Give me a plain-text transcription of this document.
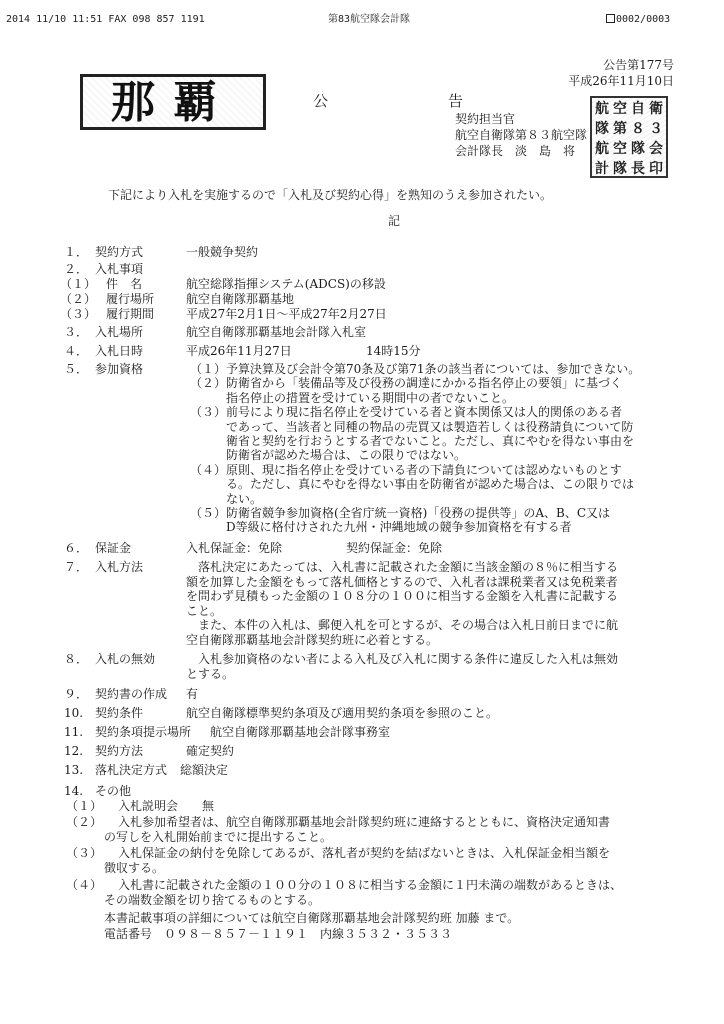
2014 11/10 11:51 FAX 098 857 1191	第83航空隊会計隊	0002/0003
那覇
公告第177号
平成26年11月10日
公　　告
契約担当官
航空自衛隊第８３航空隊
会計隊長　淡　島　将
航 空 自 衛
隊 第 ８ ３
航 空 隊 会
計 隊 長 印
下記により入札を実施するので「入札及び契約心得」を熟知のうえ参加されたい。
記
１． 契約方式	一般競争契約
２． 入札事項
（１） 件　名	航空総隊指揮システム(ADCS)の移設
（２） 履行場所	航空自衛隊那覇基地
（３） 履行期間	平成27年2月1日～平成27年2月27日
３． 入札場所	航空自衛隊那覇基地会計隊入札室
４． 入札日時	平成26年11月27日	14時15分
５． 参加資格	（１）予算決算及び会計令第70条及び第71条の該当者については、参加できない。
（２）防衛省から「装備品等及び役務の調達にかかる指名停止の要領」に基づく
　　　指名停止の措置を受けている期間中の者でないこと。
（３）前号により現に指名停止を受けている者と資本関係又は人的関係のある者
　　　であって、当該者と同種の物品の売買又は製造若しくは役務請負について防
　　　衛省と契約を行おうとする者でないこと。ただし、真にやむを得ない事由を
　　　防衛省が認めた場合は、この限りではない。
（４）原則、現に指名停止を受けている者の下請負については認めないものとす
　　　る。ただし、真にやむを得ない事由を防衛省が認めた場合は、この限りでは
　　　ない。
（５）防衛省競争参加資格(全省庁統一資格)「役務の提供等」のA、B、C又は
　　　D等級に格付けされた九州・沖縄地域の競争参加資格を有する者
６． 保証金	入札保証金：免除	契約保証金：免除
７． 入札方法	落札決定にあたっては、入札書に記載された金額に当該金額の８％に相当する
額を加算した金額をもって落札価格とするので、入札者は課税業者又は免税業者
を問わず見積もった金額の１０８分の１００に相当する金額を入札書に記載する
こと。
また、本件の入札は、郵便入札を可とするが、その場合は入札日前日までに航
空自衛隊那覇基地会計隊契約班に必着とする。
８． 入札の無効	入札参加資格のない者による入札及び入札に関する条件に違反した入札は無効
とする。
９． 契約書の作成 有
10. 契約条件	航空自衛隊標準契約条項及び適用契約条項を参照のこと。
11. 契約条項提示場所 航空自衛隊那覇基地会計隊事務室
12. 契約方法	確定契約
13. 落札決定方式 総額決定
14. その他
（１） 入札説明会　　無
（２）	入札参加希望者は、航空自衛隊那覇基地会計隊契約班に連絡するとともに、資格決定通知書
の写しを入札開始前までに提出すること。
（３）	入札保証金の納付を免除してあるが、落札者が契約を結ばないときは、入札保証金相当額を
徴収する。
（４）	入札書に記載された金額の１００分の１０８に相当する金額に１円未満の端数があるときは、
その端数金額を切り捨てるものとする。
本書記載事項の詳細については航空自衛隊那覇基地会計隊契約班 加藤 まで。
電話番号　０９８－８５７－１１９１　内線３５３２・３５３３
